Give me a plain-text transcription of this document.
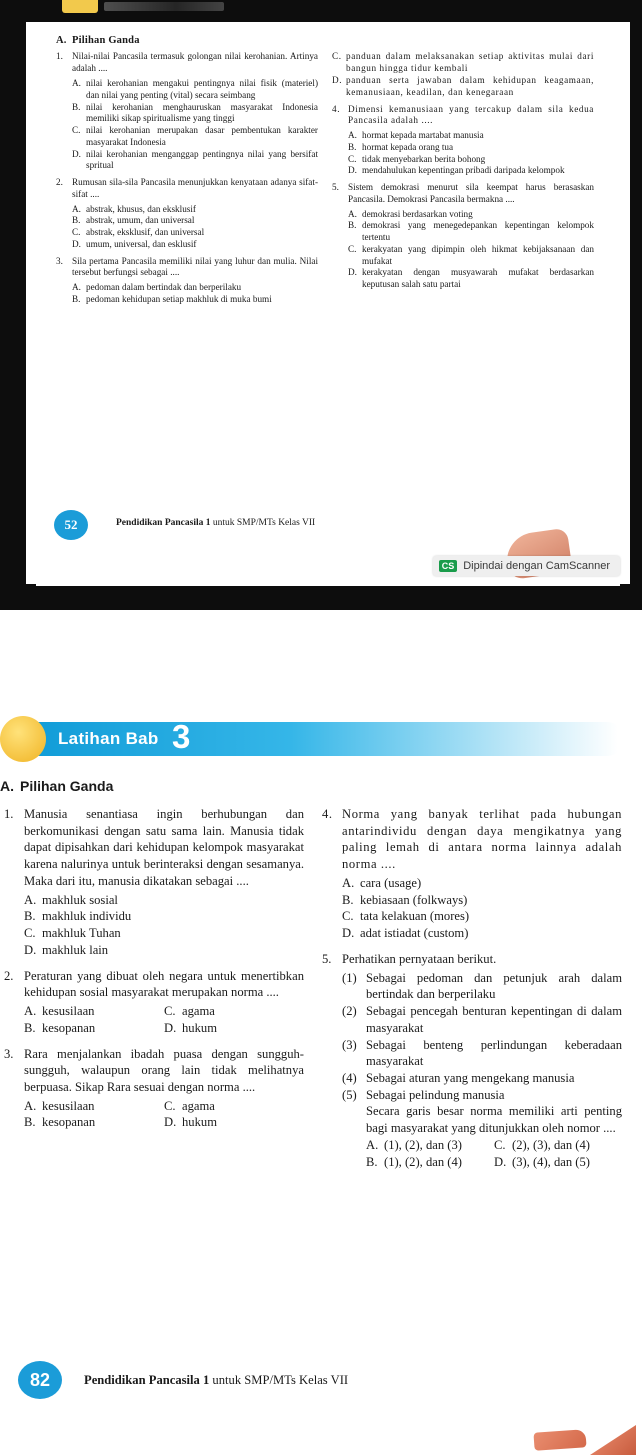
A. Pilihan Ganda
1. Nilai-nilai Pancasila termasuk golongan nilai kerohanian. Artinya adalah ....
A. nilai kerohanian mengakui pentingnya nilai fisik (materiel) dan nilai yang penting (vital) secara seimbang
B. nilai kerohanian menghauruskan masyarakat Indonesia memiliki sikap spiritualisme yang tinggi
C. nilai kerohanian merupakan dasar pembentukan karakter masyarakat Indonesia
D. nilai kerohanian menganggap pentingnya nilai yang bersifat spritual
2. Rumusan sila-sila Pancasila menunjukkan kenyataan adanya sifat-sifat ....
A. abstrak, khusus, dan eksklusif
B. abstrak, umum, dan universal
C. abstrak, eksklusif, dan universal
D. umum, universal, dan esklusif
3. Sila pertama Pancasila memiliki nilai yang luhur dan mulia. Nilai tersebut berfungsi sebagai ....
A. pedoman dalam bertindak dan berperilaku
B. pedoman kehidupan setiap makhluk di muka bumi
C. panduan dalam melaksanakan setiap aktivitas mulai dari bangun hingga tidur kembali
D. panduan serta jawaban dalam kehidupan keagamaan, kemanusiaan, keadilan, dan kenegaraan
4. Dimensi kemanusiaan yang tercakup dalam sila kedua Pancasila adalah ....
A. hormat kepada martabat manusia
B. hormat kepada orang tua
C. tidak menyebarkan berita bohong
D. mendahulukan kepentingan pribadi daripada kelompok
5. Sistem demokrasi menurut sila keempat harus berasaskan Pancasila. Demokrasi Pancasila bermakna ....
A. demokrasi berdasarkan voting
B. demokrasi yang menegedepankan kepentingan kelompok tertentu
C. kerakyatan yang dipimpin oleh hikmat kebijaksanaan dan mufakat
D. kerakyatan dengan musyawarah mufakat berdasarkan keputusan salah satu partai
52	Pendidikan Pancasila 1 untuk SMP/MTs Kelas VII
CS Dipindai dengan CamScanner
Latihan Bab 3
A. Pilihan Ganda
1. Manusia senantiasa ingin berhubungan dan berkomunikasi dengan satu sama lain. Manusia tidak dapat dipisahkan dari kehidupan kelompok masyarakat karena nalurinya untuk berinteraksi dengan sesamanya. Maka dari itu, manusia dikatakan sebagai ....
A. makhluk sosial
B. makhluk individu
C. makhluk Tuhan
D. makhluk lain
2. Peraturan yang dibuat oleh negara untuk menertibkan kehidupan sosial masyarakat merupakan norma ....
A. kesusilaan	C. agama
B. kesopanan	D. hukum
3. Rara menjalankan ibadah puasa dengan sungguh-sungguh, walaupun orang lain tidak melihatnya berpuasa. Sikap Rara sesuai dengan norma ....
A. kesusilaan	C. agama
B. kesopanan	D. hukum
4. Norma yang banyak terlihat pada hubungan antarindividu dengan daya mengikatnya yang paling lemah di antara norma lainnya adalah norma ....
A. cara (usage)
B. kebiasaan (folkways)
C. tata kelakuan (mores)
D. adat istiadat (custom)
5. Perhatikan pernyataan berikut.
(1) Sebagai pedoman dan petunjuk arah dalam bertindak dan berperilaku
(2) Sebagai pencegah benturan kepentingan di dalam masyarakat
(3) Sebagai benteng perlindungan keberadaan masyarakat
(4) Sebagai aturan yang mengekang manusia
(5) Sebagai pelindung manusia
Secara garis besar norma memiliki arti penting bagi masyarakat yang ditunjukkan oleh nomor ....
A. (1), (2), dan (3)	C. (2), (3), dan (4)
B. (1), (2), dan (4)	D. (3), (4), dan (5)
82	Pendidikan Pancasila 1 untuk SMP/MTs Kelas VII
